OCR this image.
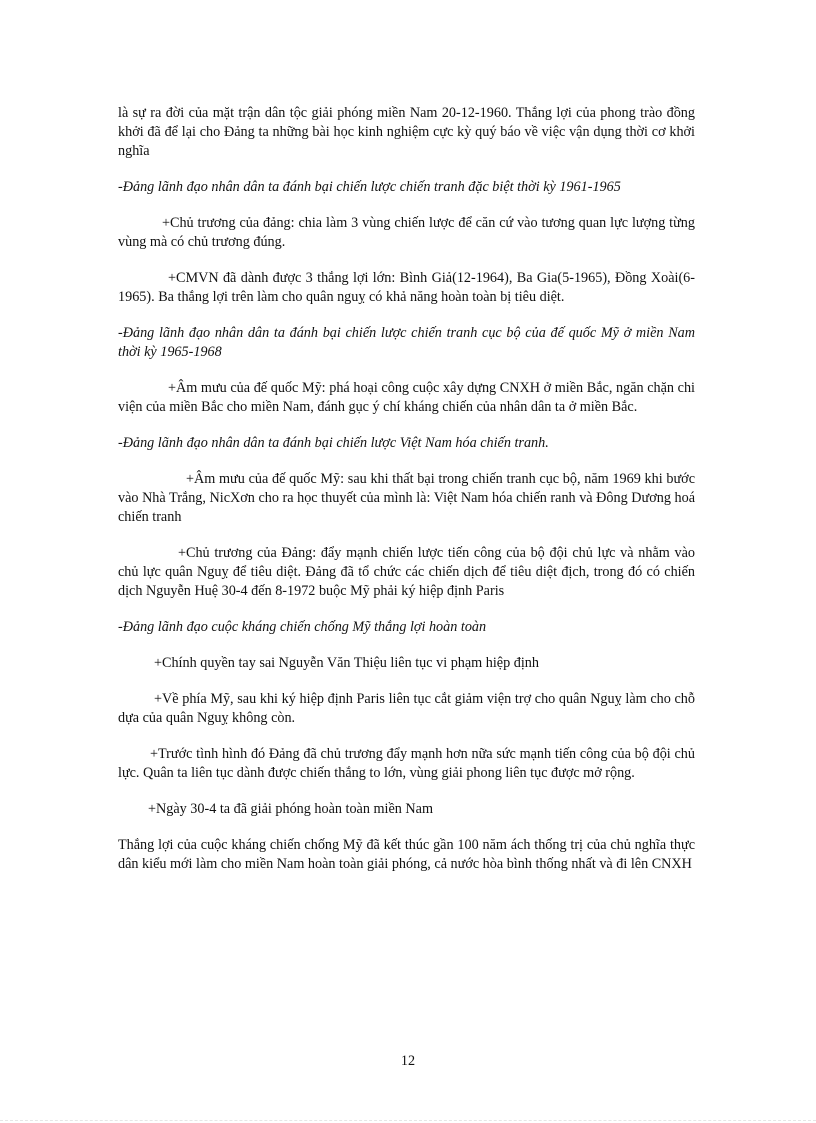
là sự ra đời của mặt trận dân tộc giải phóng miền Nam 20-12-1960. Thắng lợi của phong trào đồng khởi đã để lại cho Đảng ta những bài học kinh nghiệm cực kỳ quý báo về việc vận dụng thời cơ khởi nghĩa

-Đảng lãnh đạo nhân dân ta đánh bại chiến lược chiến tranh đặc biệt thời kỳ 1961-1965

+Chủ trương của đảng: chia làm 3 vùng chiến lược để căn cứ vào tương quan lực lượng từng vùng mà có chủ trương đúng.

+CMVN đã dành được 3 thắng lợi lớn: Bình Giả(12-1964), Ba Gia(5-1965), Đồng Xoài(6-1965). Ba thắng lợi trên làm cho quân nguỵ có khả năng hoàn toàn bị tiêu diệt.

-Đảng lãnh đạo nhân dân ta đánh bại chiến lược chiến tranh cục bộ của đế quốc Mỹ ở miền Nam thời kỳ 1965-1968

+Âm mưu của đế quốc Mỹ: phá hoại công cuộc xây dựng CNXH ở miền Bắc, ngăn chặn chi viện của miền Bắc cho miền Nam, đánh gục ý chí kháng chiến của nhân dân ta ở miền Bắc.

-Đảng lãnh đạo nhân dân ta đánh bại chiến lược Việt Nam hóa chiến tranh.

+Âm mưu của đế quốc Mỹ: sau khi thất bại trong chiến tranh cục bộ, năm 1969 khi bước vào Nhà Trắng, NicXơn cho ra học thuyết của mình là: Việt Nam hóa chiến ranh và Đông Dương hoá chiến tranh

+Chủ trương của Đảng: đẩy mạnh chiến lược tiến công của bộ đội chủ lực và nhằm vào chủ lực quân Nguỵ để tiêu diệt. Đảng đã tổ chức các chiến dịch để tiêu diệt địch, trong đó có chiến dịch Nguyễn Huệ 30-4 đến 8-1972 buộc Mỹ phải ký hiệp định Paris

-Đảng lãnh đạo cuộc kháng chiến chống Mỹ thắng lợi hoàn toàn

+Chính quyền tay sai Nguyễn Văn Thiệu liên tục vi phạm hiệp định

+Về phía Mỹ, sau khi ký hiệp định Paris liên tục cắt giảm viện trợ cho quân Nguỵ làm cho chỗ dựa của quân Nguỵ không còn.

+Trước tình hình đó Đảng đã chủ trương đẩy mạnh hơn nữa sức mạnh tiến công của bộ đội chủ lực. Quân ta liên tục dành được chiến thắng to lớn, vùng giải phong liên tục được mở rộng.

+Ngày 30-4 ta đã giải phóng hoàn toàn miền Nam

Thắng lợi của cuộc kháng chiến chống Mỹ đã kết thúc gần 100 năm ách thống trị của chủ nghĩa thực dân kiểu mới làm cho miền Nam hoàn toàn giải phóng, cả nước hòa bình thống nhất và đi lên CNXH

12
